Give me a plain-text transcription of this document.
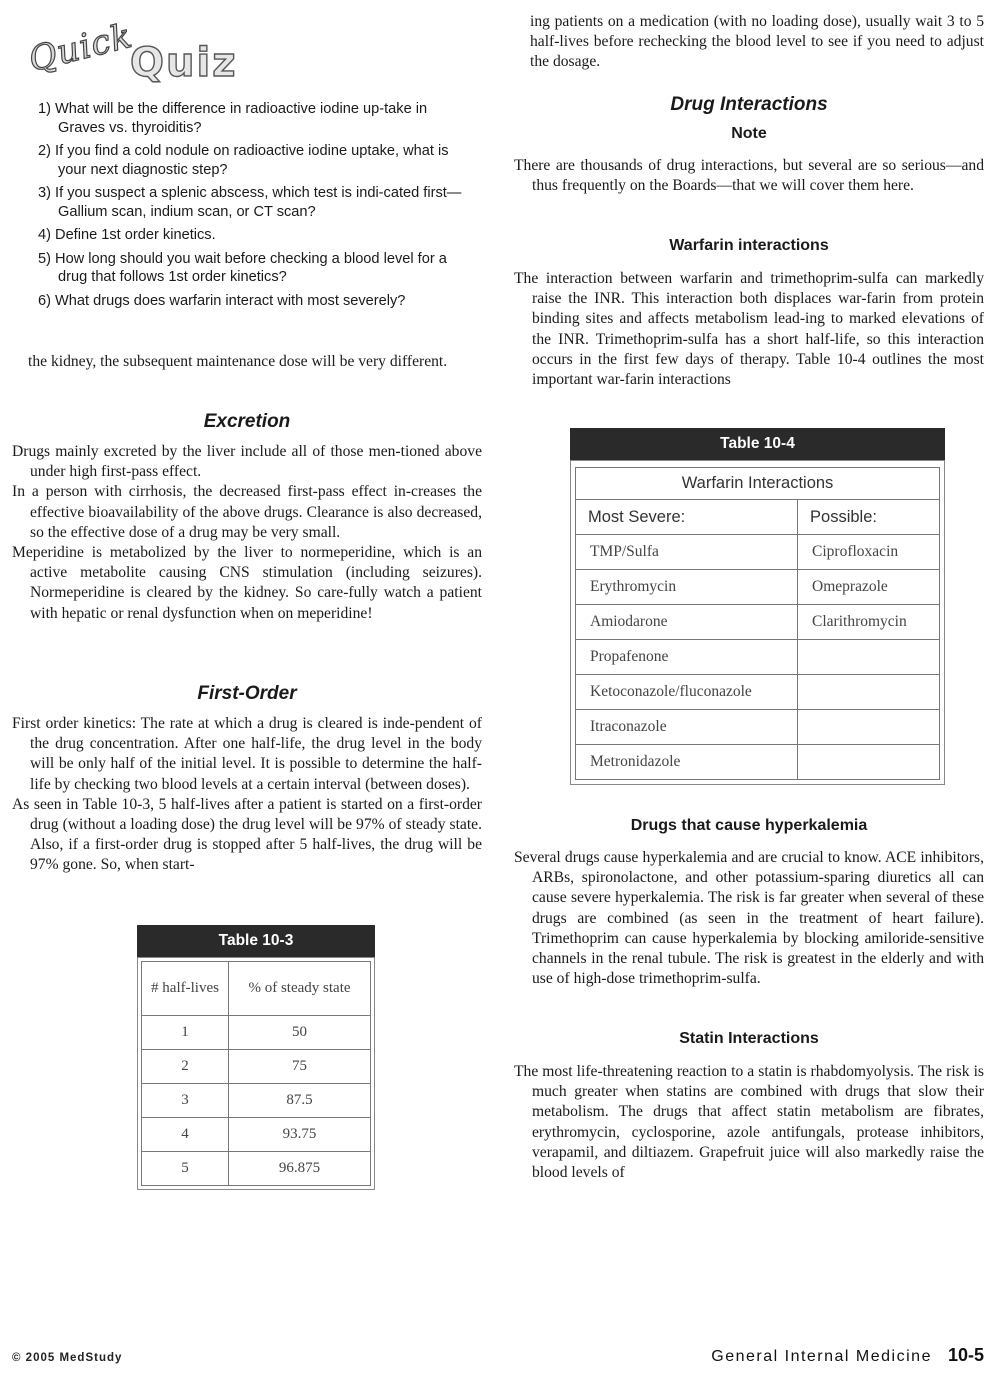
Quick
Quiz
1) What will be the difference in radioactive iodine up-take in Graves vs. thyroiditis?
2) If you find a cold nodule on radioactive iodine uptake, what is your next diagnostic step?
3) If you suspect a splenic abscess, which test is indi-cated first—Gallium scan, indium scan, or CT scan?
4) Define 1st order kinetics.
5) How long should you wait before checking a blood level for a drug that follows 1st order kinetics?
6) What drugs does warfarin interact with most severely?

the kidney, the subsequent maintenance dose will be very different.

Excretion

Drugs mainly excreted by the liver include all of those men-tioned above under high first-pass effect.

In a person with cirrhosis, the decreased first-pass effect in-creases the effective bioavailability of the above drugs. Clearance is also decreased, so the effective dose of a drug may be very small.

Meperidine is metabolized by the liver to normeperidine, which is an active metabolite causing CNS stimulation (including seizures). Normeperidine is cleared by the kidney. So care-fully watch a patient with hepatic or renal dysfunction when on meperidine!

First-Order

First order kinetics: The rate at which a drug is cleared is inde-pendent of the drug concentration. After one half-life, the drug level in the body will be only half of the initial level. It is possible to determine the half-life by checking two blood levels at a certain interval (between doses).

As seen in Table 10-3, 5 half-lives after a patient is started on a first-order drug (without a loading dose) the drug level will be 97% of steady state. Also, if a first-order drug is stopped after 5 half-lives, the drug will be 97% gone. So, when start-

Table 10-3
# half-lives	% of steady state
1	50
2	75
3	87.5
4	93.75
5	96.875

ing patients on a medication (with no loading dose), usually wait 3 to 5 half-lives before rechecking the blood level to see if you need to adjust the dosage.

Drug Interactions
Note

There are thousands of drug interactions, but several are so serious—and thus frequently on the Boards—that we will cover them here.

Warfarin interactions

The interaction between warfarin and trimethoprim-sulfa can markedly raise the INR. This interaction both displaces war-farin from protein binding sites and affects metabolism lead-ing to marked elevations of the INR. Trimethoprim-sulfa has a short half-life, so this interaction occurs in the first few days of therapy. Table 10-4 outlines the most important war-farin interactions

Drugs that cause hyperkalemia

Several drugs cause hyperkalemia and are crucial to know. ACE inhibitors, ARBs, spironolactone, and other potassium-sparing diuretics all can cause severe hyperkalemia. The risk is far greater when several of these drugs are combined (as seen in the treatment of heart failure). Trimethoprim can cause hyperkalemia by blocking amiloride-sensitive channels in the renal tubule. The risk is greatest in the elderly and with use of high-dose trimethoprim-sulfa.

Statin Interactions

The most life-threatening reaction to a statin is rhabdomyolysis. The risk is much greater when statins are combined with drugs that slow their metabolism. The drugs that affect statin metabolism are fibrates, erythromycin, cyclosporine, azole antifungals, protease inhibitors, verapamil, and diltiazem. Grapefruit juice will also markedly raise the blood levels of

Table 10-4
Warfarin Interactions
Most Severe:	Possible:
TMP/Sulfa	Ciprofloxacin
Erythromycin	Omeprazole
Amiodarone	Clarithromycin
Propafenone	
Ketoconazole/fluconazole	
Itraconazole	
Metronidazole	
© 2005 MedStudy	General Internal Medicine 10-5
